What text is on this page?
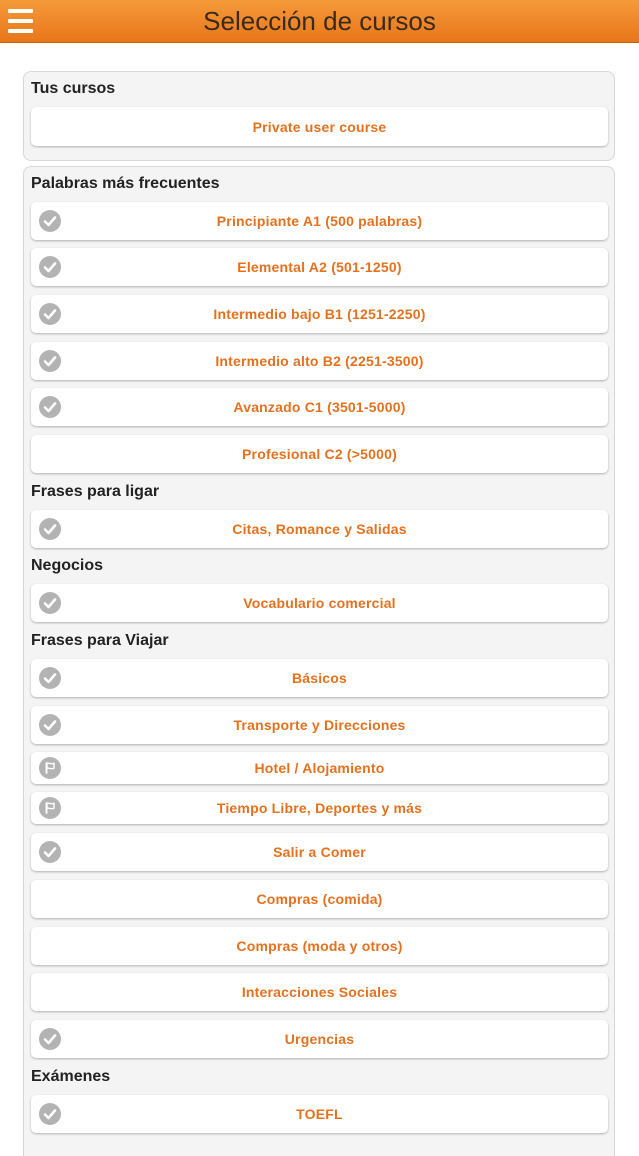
Selección de cursos
Tus cursos
Private user course
Palabras más frecuentes
Principiante A1 (500 palabras)
Elemental A2 (501-1250)
Intermedio bajo B1 (1251-2250)
Intermedio alto B2 (2251-3500)
Avanzado C1 (3501-5000)
Profesional C2 (>5000)
Frases para ligar
Citas, Romance y Salidas
Negocios
Vocabulario comercial
Frases para Viajar
Básicos
Transporte y Direcciones
Hotel / Alojamiento
Tiempo Libre, Deportes y más
Salir a Comer
Compras (comida)
Compras (moda y otros)
Interacciones Sociales
Urgencias
Exámenes
TOEFL
